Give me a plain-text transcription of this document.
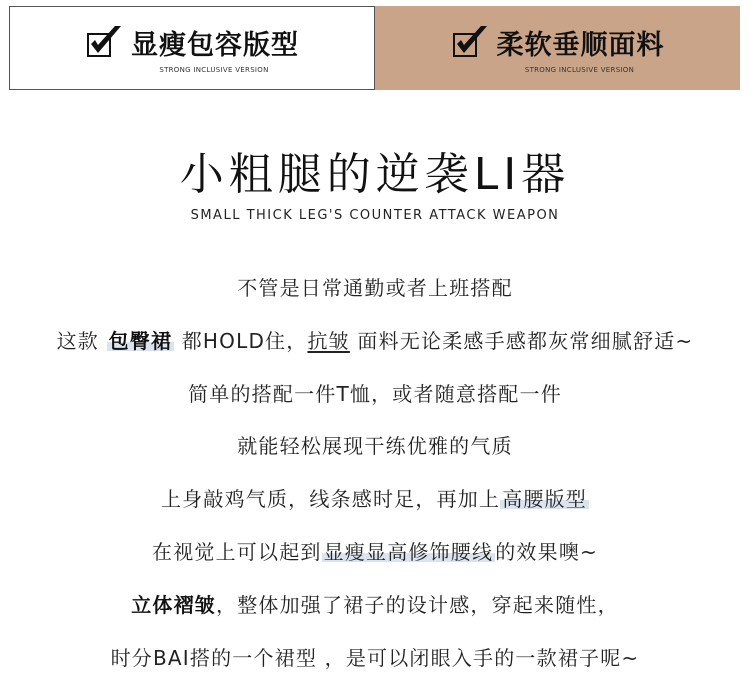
显瘦包容版型
STRONG INCLUSIVE VERSION
柔软垂顺面料
STRONG INCLUSIVE VERSION
小粗腿的逆袭LI器
SMALL THICK LEG'S COUNTER ATTACK WEAPON
不管是日常通勤或者上班搭配
这款 包臀裙 都HOLD住，抗皱 面料无论柔感手感都灰常细腻舒适~
简单的搭配一件T恤，或者随意搭配一件
就能轻松展现干练优雅的气质
上身敲鸡气质，线条感时足，再加上 高腰版型
在视觉上可以起到 显瘦显高修饰腰线 的效果噢~
立体褶皱，整体加强了裙子的设计感，穿起来随性，
时分BAI搭的一个裙型 ，是可以闭眼入手的一款裙子呢~
